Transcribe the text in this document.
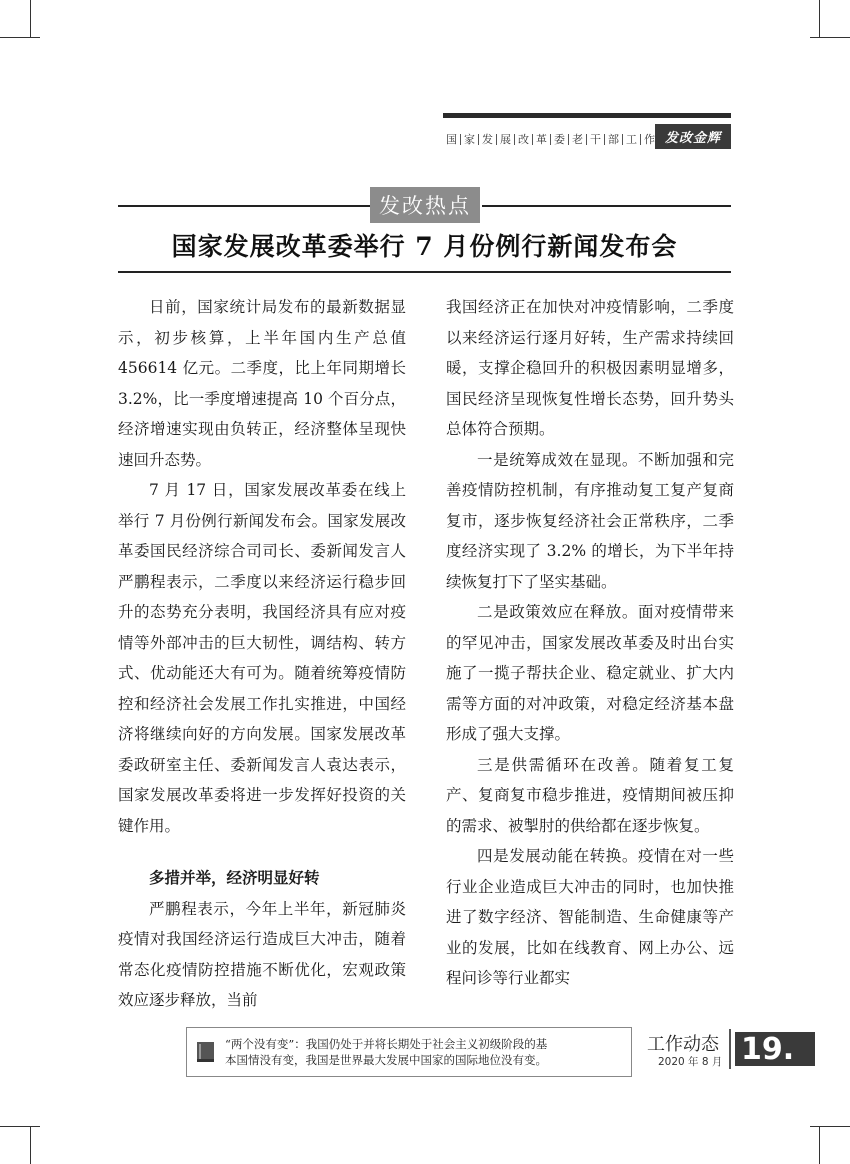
国 家 发 展 改 革 委 老 干 部 工 作 发改金辉
发改热点
国家发展改革委举行 7 月份例行新闻发布会

日前，国家统计局发布的最新数据显示，初步核算，上半年国内生产总值 456614 亿元。二季度，比上年同期增长 3.2%，比一季度增速提高 10 个百分点，经济增速实现由负转正，经济整体呈现快速回升态势。

7 月 17 日，国家发展改革委在线上举行 7 月份例行新闻发布会。国家发展改革委国民经济综合司司长、委新闻发言人严鹏程表示，二季度以来经济运行稳步回升的态势充分表明，我国经济具有应对疫情等外部冲击的巨大韧性，调结构、转方式、优动能还大有可为。随着统筹疫情防控和经济社会发展工作扎实推进，中国经济将继续向好的方向发展。国家发展改革委政研室主任、委新闻发言人袁达表示，国家发展改革委将进一步发挥好投资的关键作用。

多措并举，经济明显好转

严鹏程表示，今年上半年，新冠肺炎疫情对我国经济运行造成巨大冲击，随着常态化疫情防控措施不断优化，宏观政策效应逐步释放，当前

我国经济正在加快对冲疫情影响，二季度以来经济运行逐月好转，生产需求持续回暖，支撑企稳回升的积极因素明显增多，国民经济呈现恢复性增长态势，回升势头总体符合预期。

一是统筹成效在显现。不断加强和完善疫情防控机制，有序推动复工复产复商复市，逐步恢复经济社会正常秩序，二季度经济实现了 3.2% 的增长，为下半年持续恢复打下了坚实基础。

二是政策效应在释放。面对疫情带来的罕见冲击，国家发展改革委及时出台实施了一揽子帮扶企业、稳定就业、扩大内需等方面的对冲政策，对稳定经济基本盘形成了强大支撑。

三是供需循环在改善。随着复工复产、复商复市稳步推进，疫情期间被压抑的需求、被掣肘的供给都在逐步恢复。

四是发展动能在转换。疫情在对一些行业企业造成巨大冲击的同时，也加快推进了数字经济、智能制造、生命健康等产业的发展，比如在线教育、网上办公、远程问诊等行业都实

“两个没有变”：我国仍处于并将长期处于社会主义初级阶段的基
本国情没有变，我国是世界最大发展中国家的国际地位没有变。
工作动态
2020 年 8 月 19.
